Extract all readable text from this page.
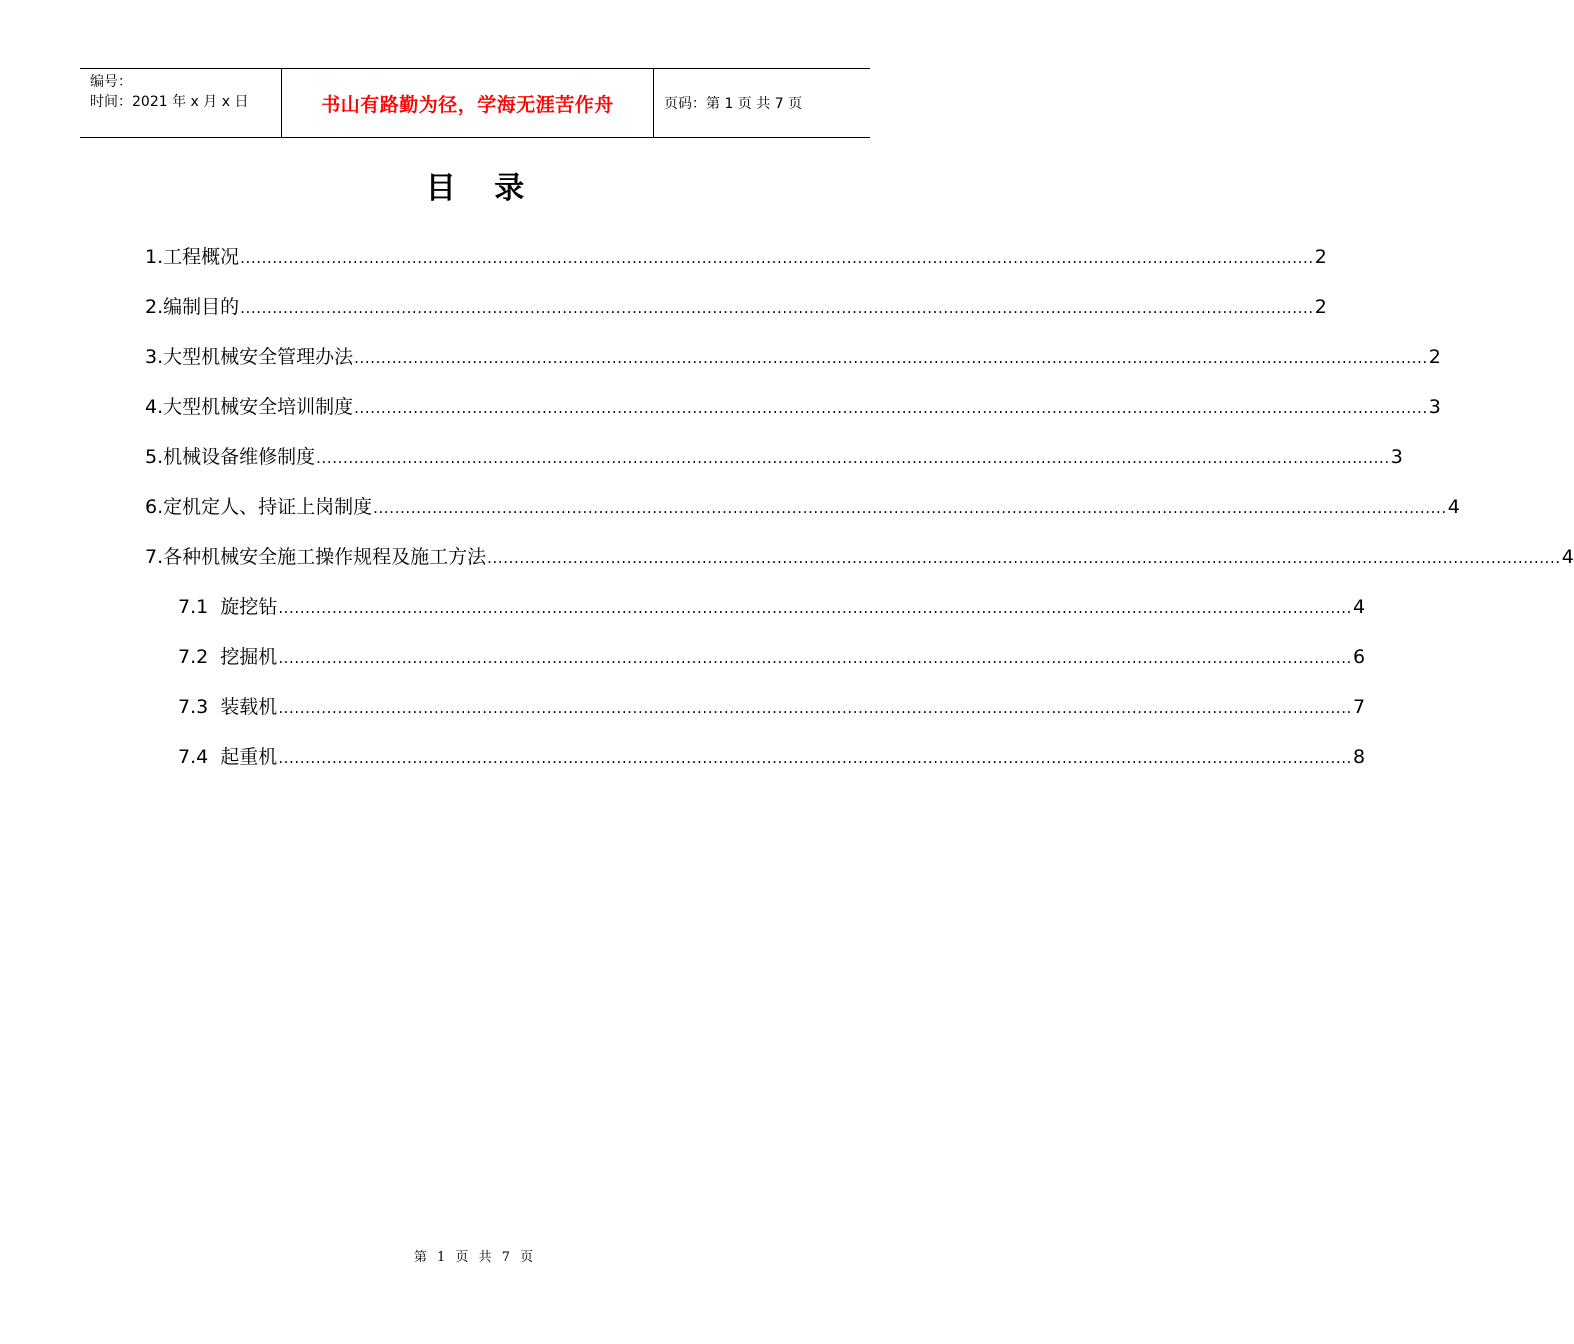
编号：
时间：2021 年 x 月 x 日	书山有路勤为径，学海无涯苦作舟	页码：第 1 页 共 7 页
目 录
1. 工程概况 ........................................................................................................................................................................................................ 2
2. 编制目的 ........................................................................................................................................................................................................ 2
3. 大型机械安全管理办法 ........................................................................................................................................................................................................ 2
4. 大型机械安全培训制度 ........................................................................................................................................................................................................ 3
5. 机械设备维修制度 ........................................................................................................................................................................................................ 3
6. 定机定人、持证上岗制度 ........................................................................................................................................................................................................ 4
7. 各种机械安全施工操作规程及施工方法 ........................................................................................................................................................................................................ 4
7.1 旋挖钻 ........................................................................................................................................................................................................ 4
7.2 挖掘机 ........................................................................................................................................................................................................ 6
7.3 装载机 ........................................................................................................................................................................................................ 7
7.4 起重机 ........................................................................................................................................................................................................ 8
第 1 页 共 7 页
